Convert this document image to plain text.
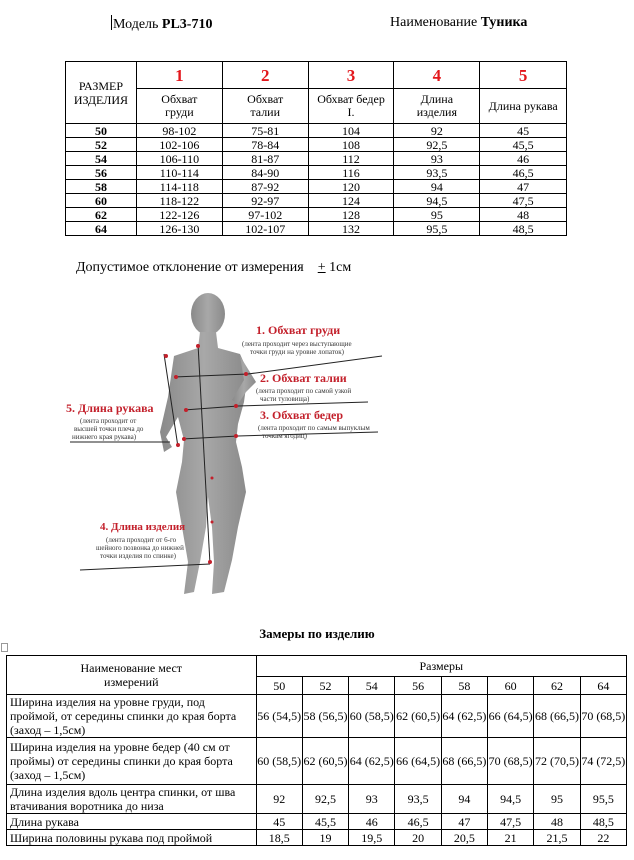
Модель PL3-710	Наименование Туника
РАЗМЕР ИЗДЕЛИЯ	1	2	3	4	5
	Обхват груди	Обхват талии	Обхват бедер I.	Длина изделия	Длина рукава
50	98-102	75-81	104	92	45
52	102-106	78-84	108	92,5	45,5
54	106-110	81-87	112	93	46
56	110-114	84-90	116	93,5	46,5
58	114-118	87-92	120	94	47
60	118-122	92-97	124	94,5	47,5
62	122-126	97-102	128	95	48
64	126-130	102-107	132	95,5	48,5
Допустимое отклонение от измерения + 1см
1. Обхват груди
(лента проходит через выступающие
точки груди на уровне лопаток)
2. Обхват талии
(лента проходит по самой узкой
части туловища)
3. Обхват бедер
(лента проходит по самым выпуклым
точкам ягодиц)
4. Длина изделия
(лента проходит от 6-го
шейного позвонка до нижней
точки изделия по спинке)
5. Длина рукава
(лента проходит от
высшей точки плеча до
нижнего края рукава)
Замеры по изделию
Наименование мест измерений	Размеры							
	50	52	54	56	58	60	62	64
Ширина изделия на уровне груди, под проймой, от середины спинки до края борта (заход – 1,5см)	56 (54,5)	58 (56,5)	60 (58,5)	62 (60,5)	64 (62,5)	66 (64,5)	68 (66,5)	70 (68,5)
Ширина изделия на уровне бедер (40 см от проймы) от середины спинки до края борта (заход – 1,5см)	60 (58,5)	62 (60,5)	64 (62,5)	66 (64,5)	68 (66,5)	70 (68,5)	72 (70,5)	74 (72,5)
Длина изделия вдоль центра спинки, от шва втачивания воротника до низа	92	92,5	93	93,5	94	94,5	95	95,5
Длина рукава	45	45,5	46	46,5	47	47,5	48	48,5
Ширина половины рукава под проймой	18,5	19	19,5	20	20,5	21	21,5	22
